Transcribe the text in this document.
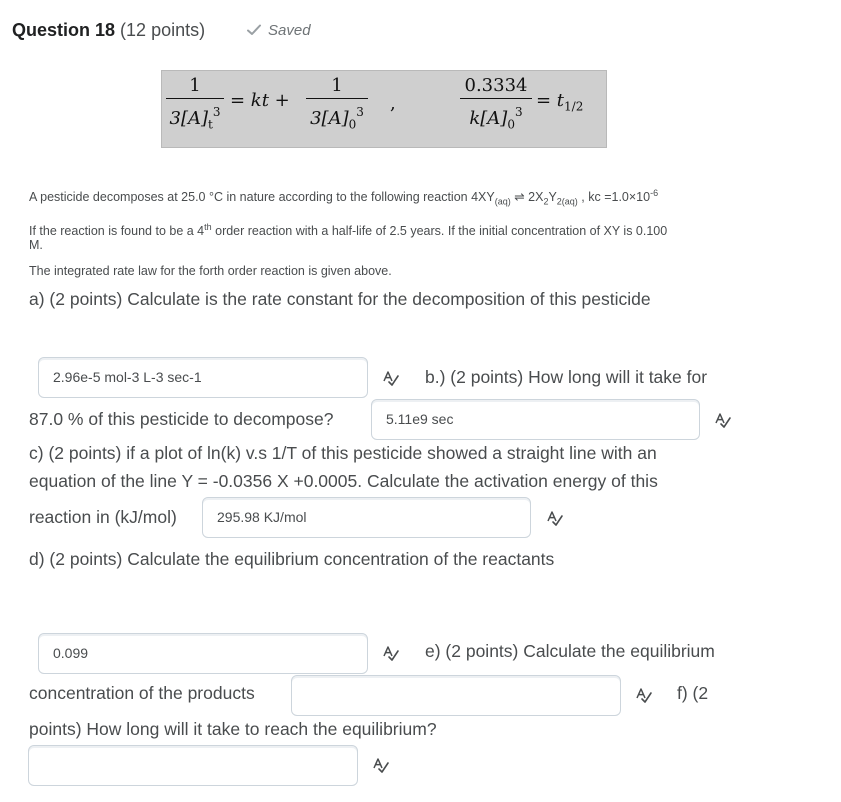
Question 18 (12 points)	Saved
1
$3[A]_t^3$
= kt +
1
$3[A]_0^3$ ,
0.3334
$k[A]_0^3$
= $t_{1/2}$
A pesticide decomposes at 25.0 °C in nature according to the following reaction $4XY_{(aq)}$ ⇌ $2X_2Y_{2(aq)}$ , kc $=1.0\times 10^{-6}$
If the reaction is found to be a 4th order reaction with a half-life of 2.5 years. If the initial concentration of XY is 0.100
M.
The integrated rate law for the forth order reaction is given above.
a) (2 points) Calculate is the rate constant for the decomposition of this pesticide
2.96e-5 mol-3 L-3 sec-1	b.) (2 points) How long will it take for
87.0 % of this pesticide to decompose?	5.11e9 sec
c) (2 points) if a plot of ln(k) v.s 1/T of this pesticide showed a straight line with an
equation of the line Y = -0.0356 X +0.0005. Calculate the activation energy of this
reaction in (kJ/mol)	295.98 KJ/mol
d) (2 points) Calculate the equilibrium concentration of the reactants
0.099	e) (2 points) Calculate the equilibrium
concentration of the products	f) (2
points) How long will it take to reach the equilibrium?
